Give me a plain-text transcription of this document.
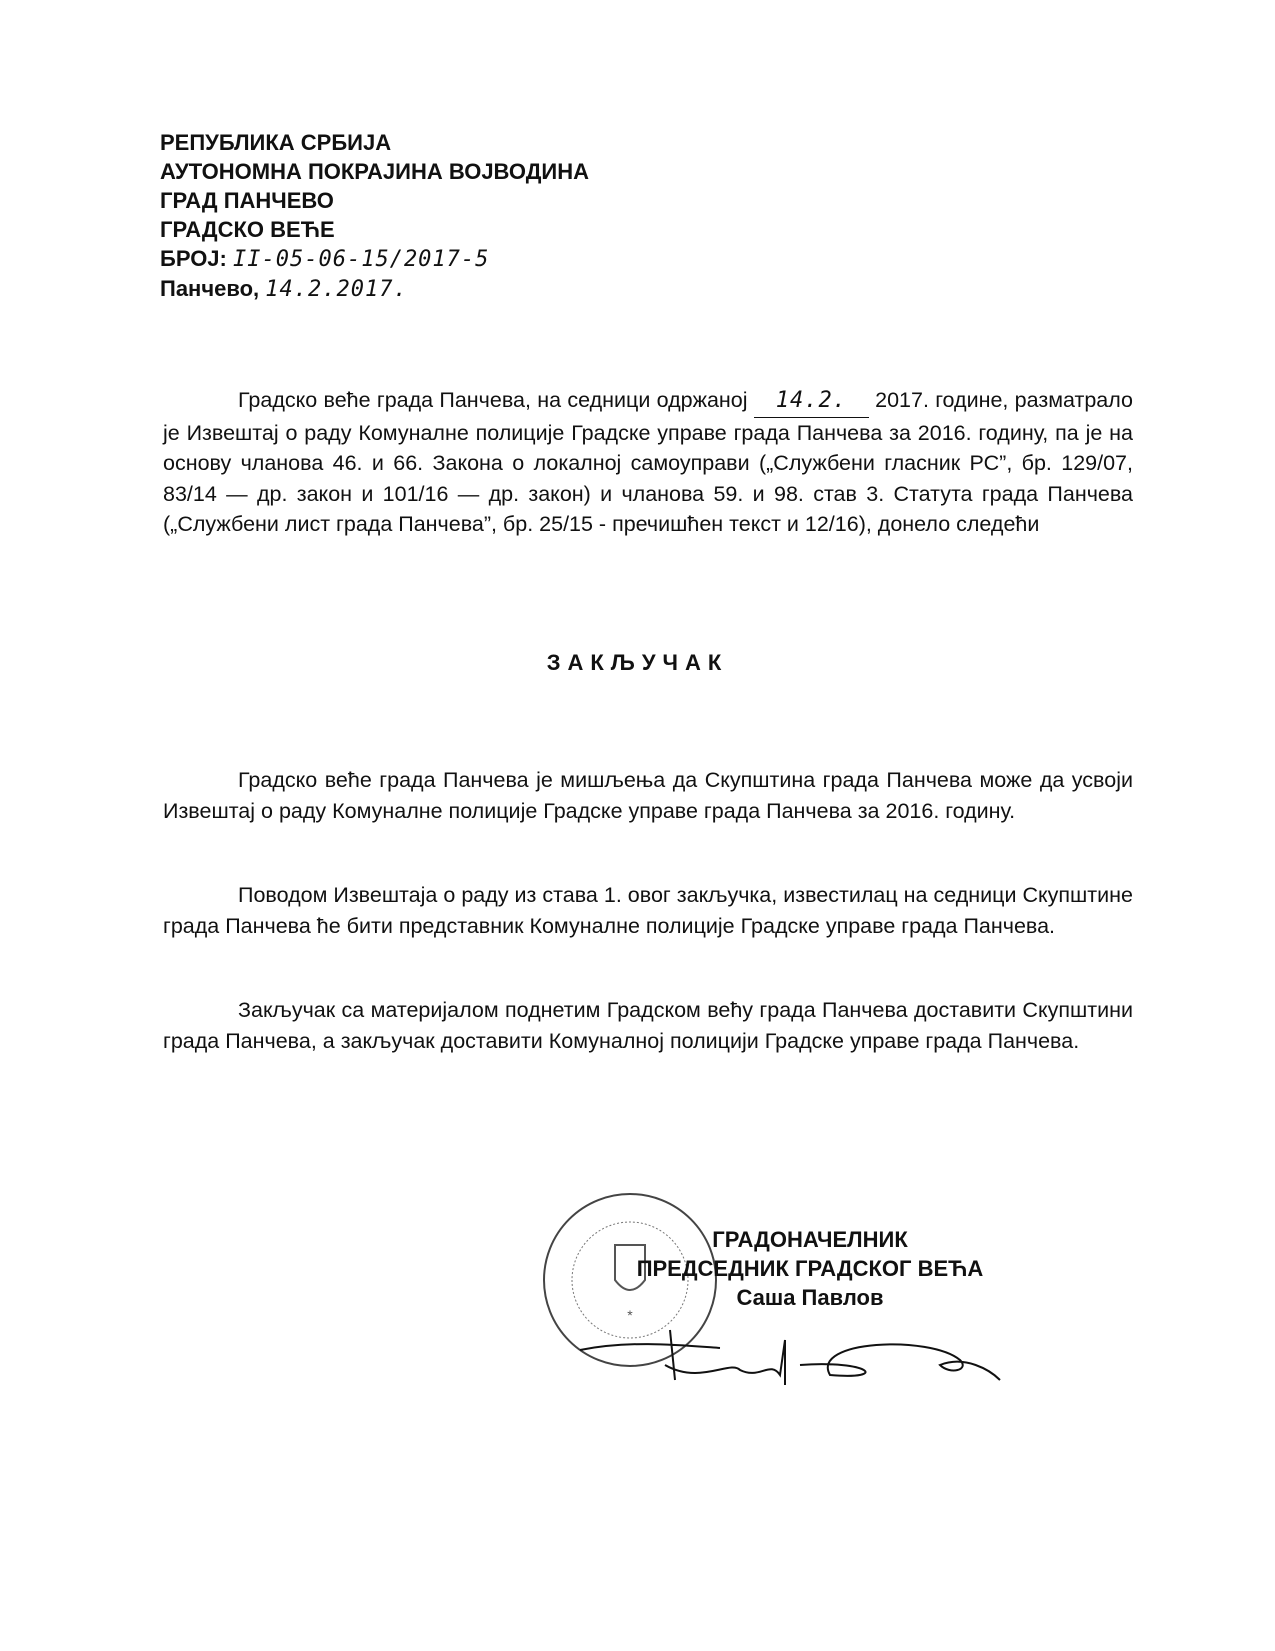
РЕПУБЛИКА СРБИЈА
АУТОНОМНА ПОКРАЈИНА ВОЈВОДИНА
ГРАД ПАНЧЕВО
ГРАДСКО ВЕЋЕ
БРОЈ: II-05-06-15/2017-5
Панчево, 14.2.2017.

Градско веће града Панчева, на седници одржаној 14.2. 2017. године, разматрало је Извештај о раду Комуналне полиције Градске управе града Панчева за 2016. годину, па је на основу чланова 46. и 66. Закона о локалној самоуправи („Службени гласник РС”, бр. 129/07, 83/14 — др. закон и 101/16 — др. закон) и чланова 59. и 98. став 3. Статута града Панчева („Службени лист града Панчева”, бр. 25/15 - пречишћен текст и 12/16), донело следећи

ЗАКЉУЧАК

Градско веће града Панчева је мишљења да Скупштина града Панчева може да усвоји Извештај о раду Комуналне полиције Градске управе града Панчева за 2016. годину.

Поводом Извештаја о раду из става 1. овог закључка, известилац на седници Скупштине града Панчева ће бити представник Комуналне полиције Градске управе града Панчева.

Закључак са материјалом поднетим Градском већу града Панчева доставити Скупштини града Панчева, а закључак доставити Комуналној полицији Градске управе града Панчева.

*
ГРАДОНАЧЕЛНИК
ПРЕДСЕДНИК ГРАДСКОГ ВЕЋА
Саша Павлов
